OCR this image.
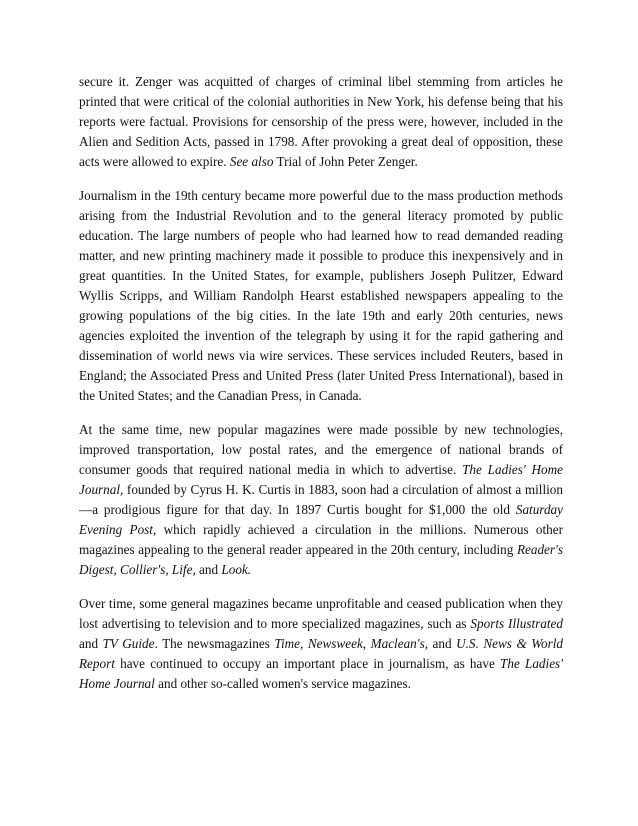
secure it. Zenger was acquitted of charges of criminal libel stemming from articles he printed that were critical of the colonial authorities in New York, his defense being that his reports were factual. Provisions for censorship of the press were, however, included in the Alien and Sedition Acts, passed in 1798. After provoking a great deal of opposition, these acts were allowed to expire. See also Trial of John Peter Zenger.

Journalism in the 19th century became more powerful due to the mass production methods arising from the Industrial Revolution and to the general literacy promoted by public education. The large numbers of people who had learned how to read demanded reading matter, and new printing machinery made it possible to produce this inexpensively and in great quantities. In the United States, for example, publishers Joseph Pulitzer, Edward Wyllis Scripps, and William Randolph Hearst established newspapers appealing to the growing populations of the big cities. In the late 19th and early 20th centuries, news agencies exploited the invention of the telegraph by using it for the rapid gathering and dissemination of world news via wire services. These services included Reuters, based in England; the Associated Press and United Press (later United Press International), based in the United States; and the Canadian Press, in Canada.

At the same time, new popular magazines were made possible by new technologies, improved transportation, low postal rates, and the emergence of national brands of consumer goods that required national media in which to advertise. The Ladies' Home Journal, founded by Cyrus H. K. Curtis in 1883, soon had a circulation of almost a million—a prodigious figure for that day. In 1897 Curtis bought for $1,000 the old Saturday Evening Post, which rapidly achieved a circulation in the millions. Numerous other magazines appealing to the general reader appeared in the 20th century, including Reader's Digest, Collier's, Life, and Look.

Over time, some general magazines became unprofitable and ceased publication when they lost advertising to television and to more specialized magazines, such as Sports Illustrated and TV Guide. The newsmagazines Time, Newsweek, Maclean's, and U.S. News & World Report have continued to occupy an important place in journalism, as have The Ladies' Home Journal and other so-called women's service magazines.
